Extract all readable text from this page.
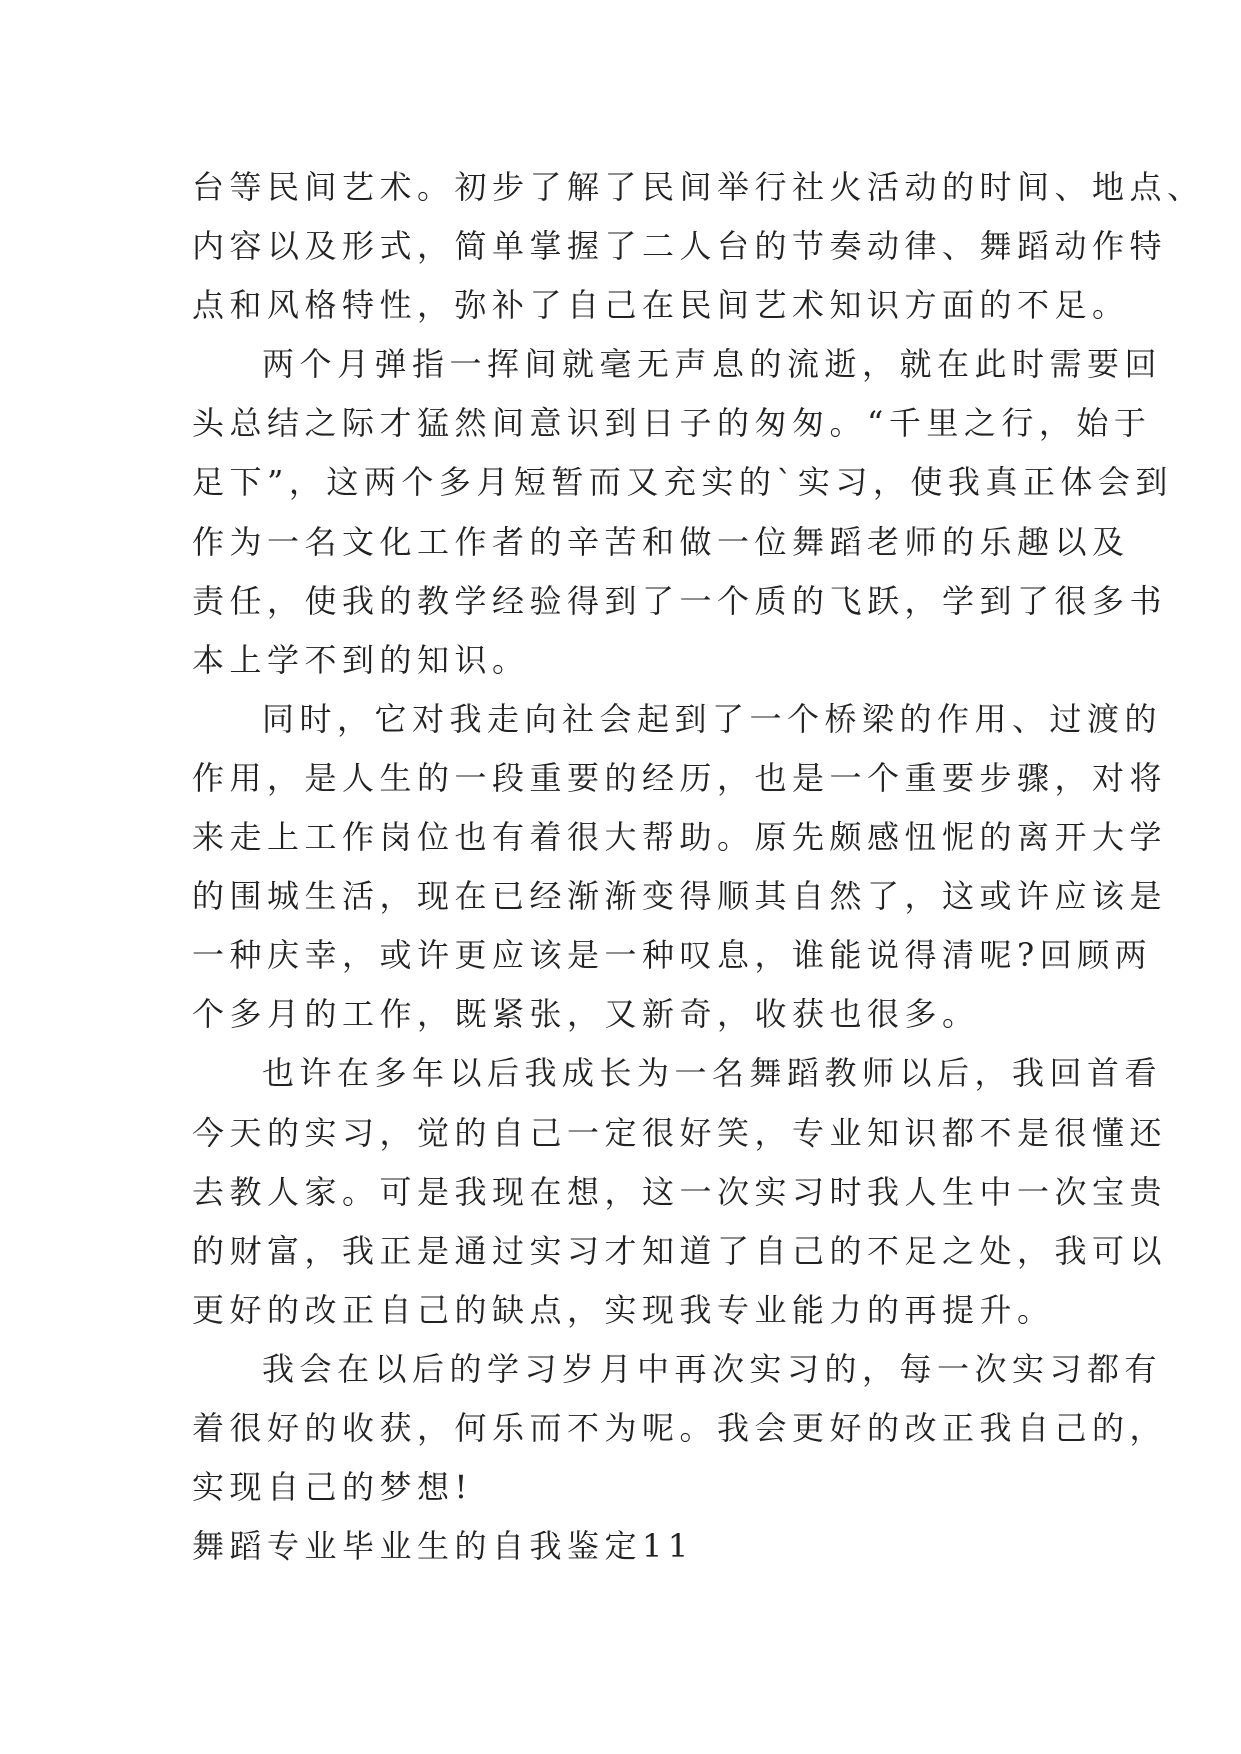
台等民间艺术。初步了解了民间举行社火活动的时间、地点、
内容以及形式，简单掌握了二人台的节奏动律、舞蹈动作特
点和风格特性，弥补了自己在民间艺术知识方面的不足。
两个月弹指一挥间就毫无声息的流逝，就在此时需要回
头总结之际才猛然间意识到日子的匆匆。“千里之行，始于
足下”，这两个多月短暂而又充实的`实习，使我真正体会到
作为一名文化工作者的辛苦和做一位舞蹈老师的乐趣以及
责任，使我的教学经验得到了一个质的飞跃，学到了很多书
本上学不到的知识。
同时，它对我走向社会起到了一个桥梁的作用、过渡的
作用，是人生的一段重要的经历，也是一个重要步骤，对将
来走上工作岗位也有着很大帮助。原先颇感忸怩的离开大学
的围城生活，现在已经渐渐变得顺其自然了，这或许应该是
一种庆幸，或许更应该是一种叹息，谁能说得清呢?回顾两
个多月的工作，既紧张，又新奇，收获也很多。
也许在多年以后我成长为一名舞蹈教师以后，我回首看
今天的实习，觉的自己一定很好笑，专业知识都不是很懂还
去教人家。可是我现在想，这一次实习时我人生中一次宝贵
的财富，我正是通过实习才知道了自己的不足之处，我可以
更好的改正自己的缺点，实现我专业能力的再提升。
我会在以后的学习岁月中再次实习的，每一次实习都有
着很好的收获，何乐而不为呢。我会更好的改正我自己的，
实现自己的梦想!
舞蹈专业毕业生的自我鉴定11
